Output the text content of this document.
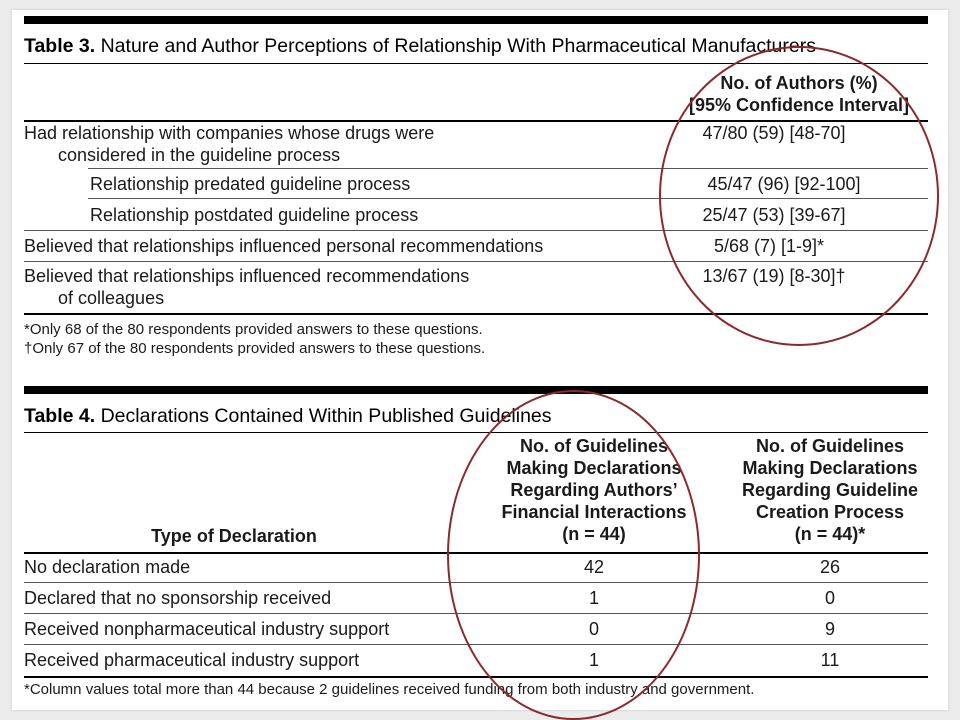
Table 3. Nature and Author Perceptions of Relationship With Pharmaceutical Manufacturers
No. of Authors (%)
[95% Confidence Interval]
Had relationship with companies whose drugs were
considered in the guideline process
47/80 (59) [48-70]
Relationship predated guideline process	45/47 (96) [92-100]
Relationship postdated guideline process	25/47 (53) [39-67]
Believed that relationships influenced personal recommendations	5/68 (7) [1-9]*
Believed that relationships influenced recommendations
of colleagues
13/67 (19) [8-30]†
*Only 68 of the 80 respondents provided answers to these questions.
†Only 67 of the 80 respondents provided answers to these questions.
Table 4. Declarations Contained Within Published Guidelines
Type of Declaration
No. of Guidelines
Making Declarations
Regarding Authors’
Financial Interactions
(n = 44)
No. of Guidelines
Making Declarations
Regarding Guideline
Creation Process
(n = 44)*
No declaration made	42	26
Declared that no sponsorship received	1	0
Received nonpharmaceutical industry support	0	9
Received pharmaceutical industry support	1	11
*Column values total more than 44 because 2 guidelines received funding from both industry and government.
